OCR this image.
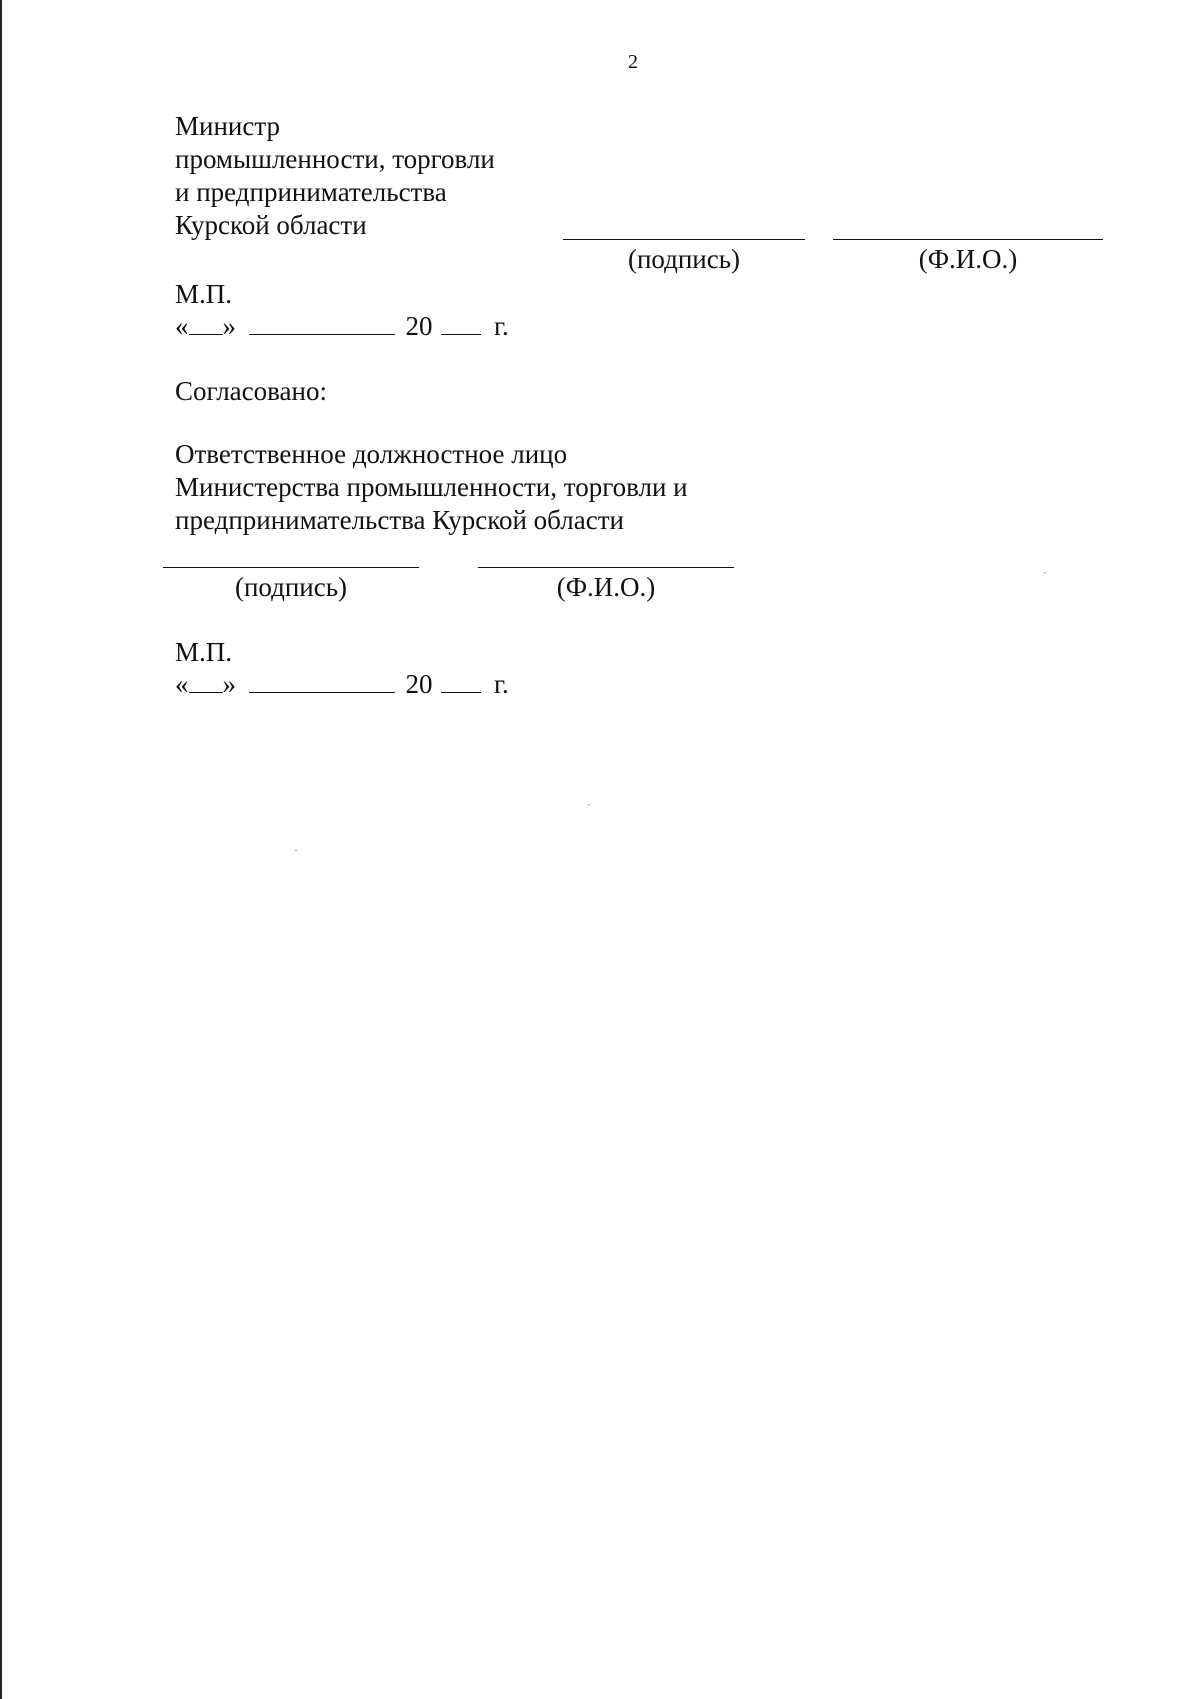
2
Министр
промышленности, торговли
и предпринимательства
Курской области
(подпись)	(Ф.И.О.)
М.П.
« »	20 г.
Согласовано:
Ответственное должностное лицо
Министерства промышленности, торговли и
предпринимательства Курской области
(подпись)	(Ф.И.О.)
М.П.
« »	20 г.
